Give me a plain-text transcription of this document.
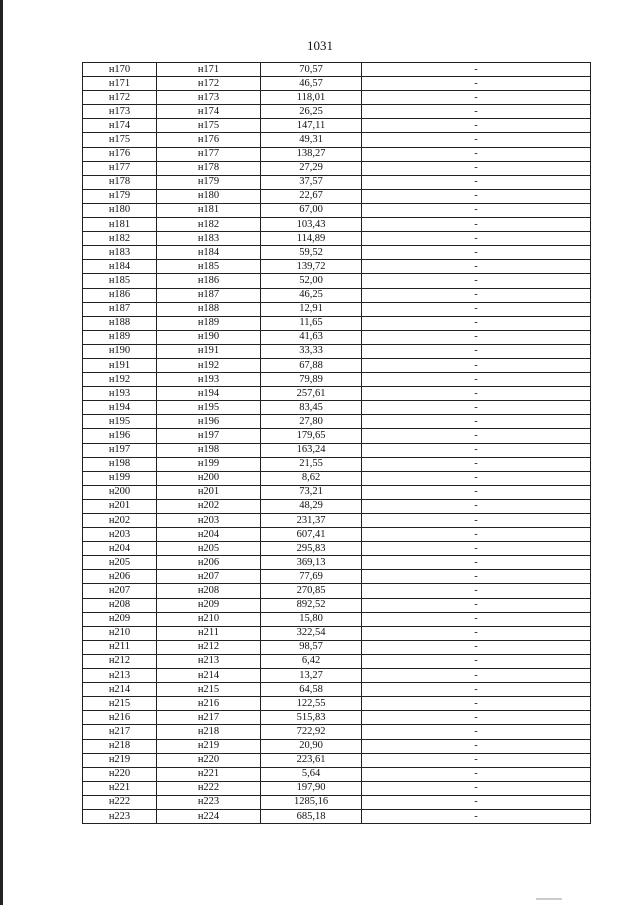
1031
н170	н171	70,57	-
н171	н172	46,57	-
н172	н173	118,01	-
н173	н174	26,25	-
н174	н175	147,11	-
н175	н176	49,31	-
н176	н177	138,27	-
н177	н178	27,29	-
н178	н179	37,57	-
н179	н180	22,67	-
н180	н181	67,00	-
н181	н182	103,43	-
н182	н183	114,89	-
н183	н184	59,52	-
н184	н185	139,72	-
н185	н186	52,00	-
н186	н187	46,25	-
н187	н188	12,91	-
н188	н189	11,65	-
н189	н190	41,63	-
н190	н191	33,33	-
н191	н192	67,88	-
н192	н193	79,89	-
н193	н194	257,61	-
н194	н195	83,45	-
н195	н196	27,80	-
н196	н197	179,65	-
н197	н198	163,24	-
н198	н199	21,55	-
н199	н200	8,62	-
н200	н201	73,21	-
н201	н202	48,29	-
н202	н203	231,37	-
н203	н204	607,41	-
н204	н205	295,83	-
н205	н206	369,13	-
н206	н207	77,69	-
н207	н208	270,85	-
н208	н209	892,52	-
н209	н210	15,80	-
н210	н211	322,54	-
н211	н212	98,57	-
н212	н213	6,42	-
н213	н214	13,27	-
н214	н215	64,58	-
н215	н216	122,55	-
н216	н217	515,83	-
н217	н218	722,92	-
н218	н219	20,90	-
н219	н220	223,61	-
н220	н221	5,64	-
н221	н222	197,90	-
н222	н223	1285,16	-
н223	н224	685,18	-
